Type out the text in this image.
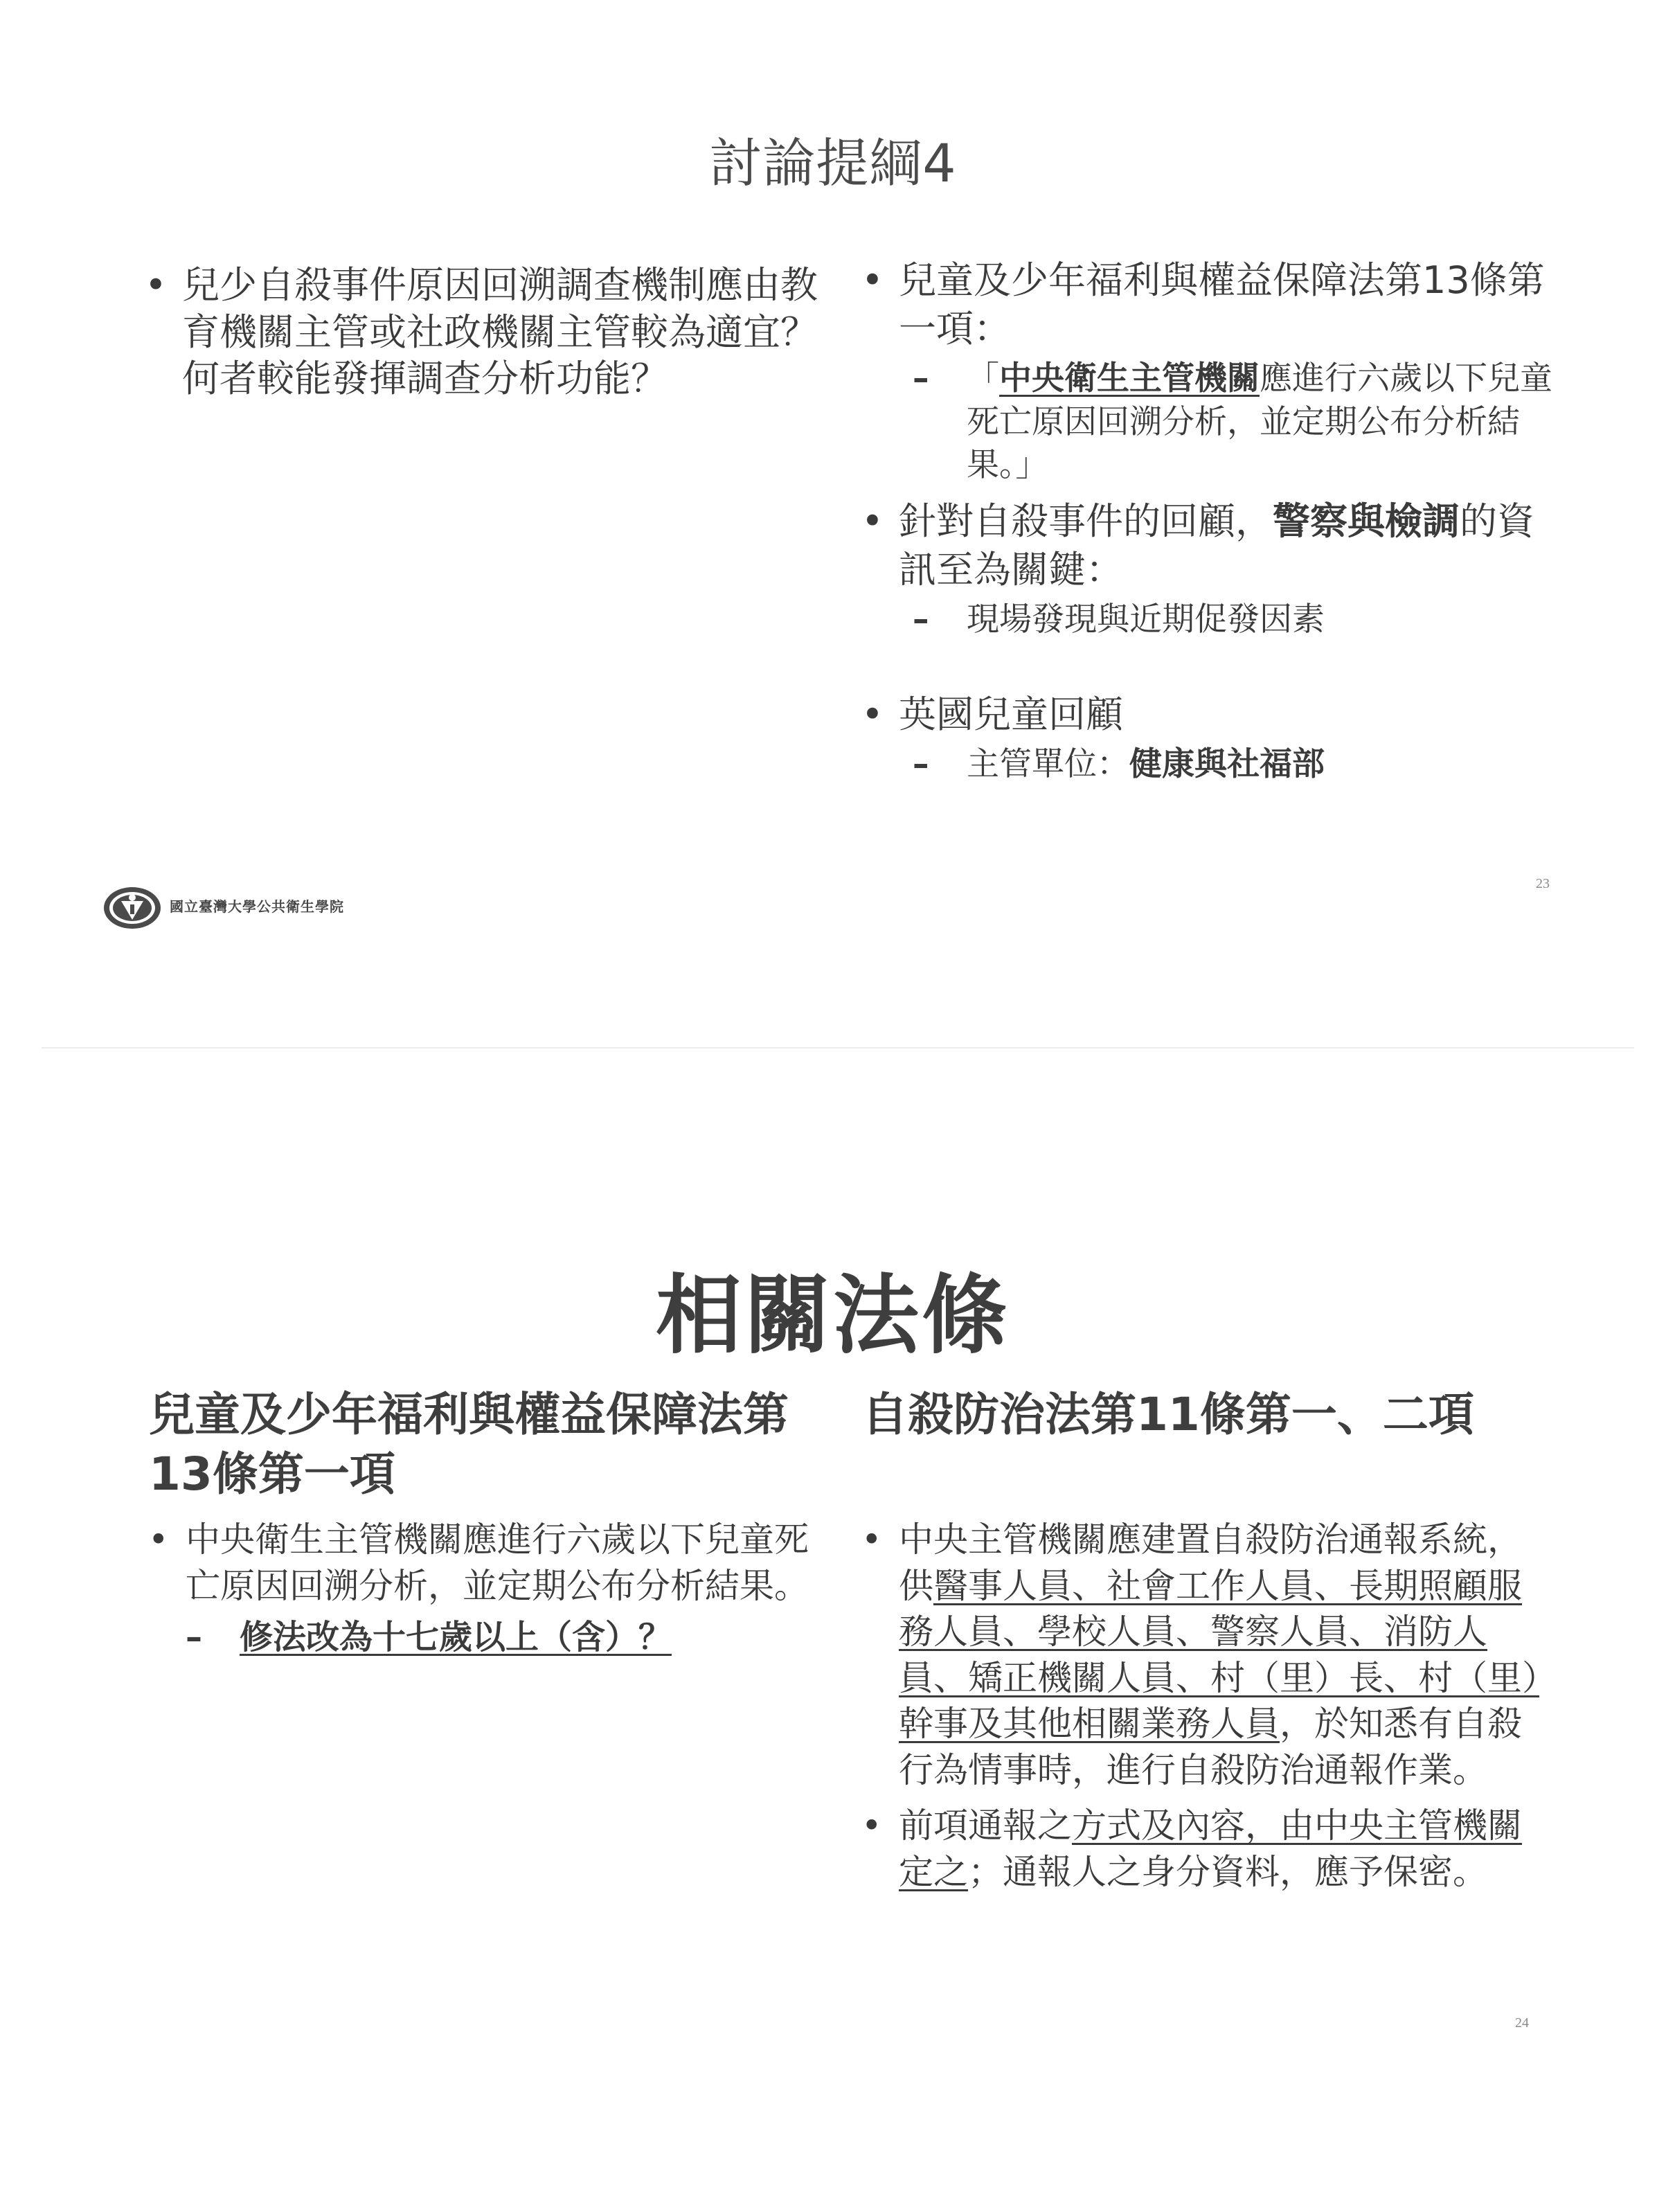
討論提綱4
• 兒少自殺事件原因回溯調查機制應由教育機關主管或社政機關主管較為適宜？何者較能發揮調查分析功能？
• 兒童及少年福利與權益保障法第13條第一項：
– 「中央衛生主管機關應進行六歲以下兒童死亡原因回溯分析，並定期公布分析結果。」
• 針對自殺事件的回顧，警察與檢調的資訊至為關鍵：
– 現場發現與近期促發因素
• 英國兒童回顧
– 主管單位：健康與社福部
國立臺灣大學公共衛生學院
23
相關法條
兒童及少年福利與權益保障法第13條第一項
自殺防治法第11條第一、二項
• 中央衛生主管機關應進行六歲以下兒童死亡原因回溯分析，並定期公布分析結果。
– 修法改為十七歲以上（含）？
• 中央主管機關應建置自殺防治通報系統，供醫事人員、社會工作人員、長期照顧服務人員、學校人員、警察人員、消防人員、矯正機關人員、村（里）長、村（里）幹事及其他相關業務人員，於知悉有自殺行為情事時，進行自殺防治通報作業。
• 前項通報之方式及內容，由中央主管機關定之；通報人之身分資料，應予保密。
24
